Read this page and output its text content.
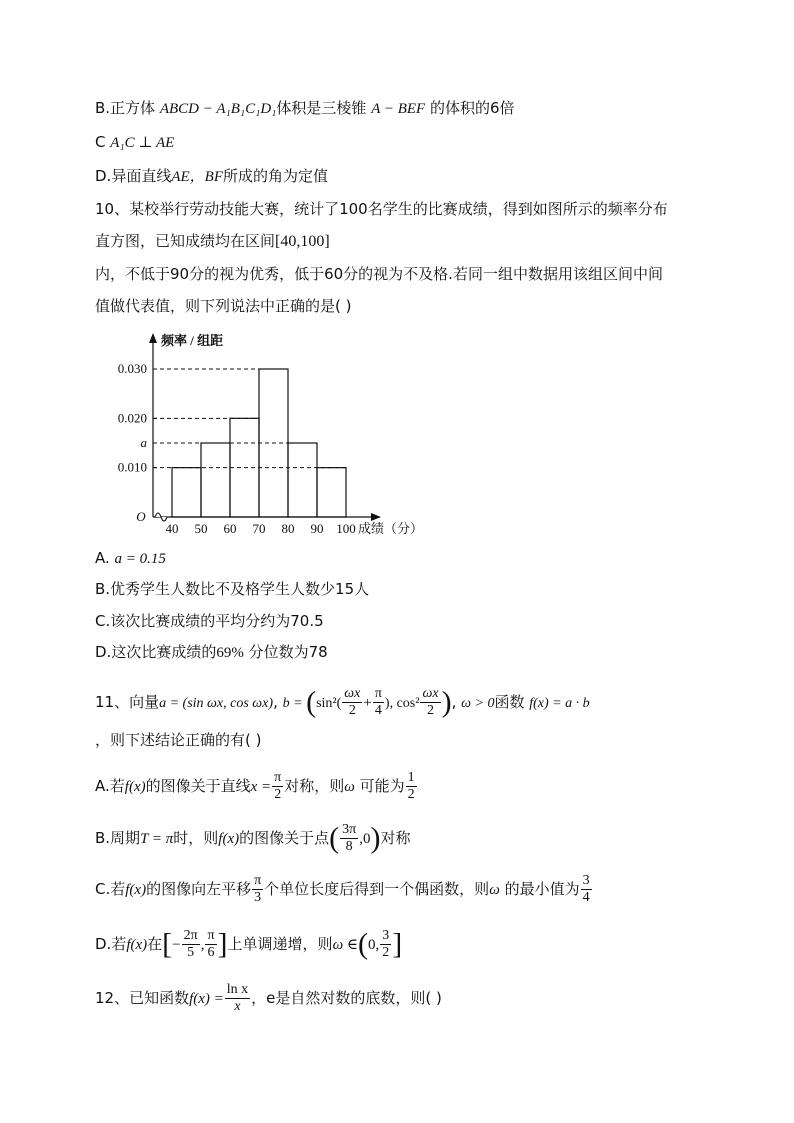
B.正方体 ABCD − A₁B₁C₁D₁体积是三棱锥 A − BEF 的体积的6倍
C A₁C ⊥ AE
D.异面直线AE，BF所成的角为定值
10、某校举行劳动技能大赛，统计了100名学生的比赛成绩，得到如图所示的频率分布
直方图，已知成绩均在区间[40,100]
内，不低于90分的视为优秀，低于60分的视为不及格.若同一组中数据用该组区间中间
值做代表值，则下列说法中正确的是( )
0.030
0.020
a
0.010
40 50 60 70 80 90 100
O
频率 / 组距
成绩（分）
A. a = 0.15
B.优秀学生人数比不及格学生人数少15人
C.该次比赛成绩的平均分约为70.5
D.这次比赛成绩的69% 分位数为78
11、向量a = (sin ωx, cos ωx), $b = (\sin^2( \frac{\omega x}{2} + \frac{\pi}{4}$ ), $\cos^2 \frac{\omega x}{2}$ ), ω > 0函数 f(x) = a · b
，则下述结论正确的有( )
A.若f(x)的图像关于直线$x = \frac{\pi}{2}$ 对称，则ω 可能为 $\frac{1}{2}$
B.周期T = π时，则f(x)的图像关于点( $\frac{3\pi}{8} ,0$)对称
C.若f(x)的图像向左平移 $\frac{\pi}{3}$ 个单位长度后得到一个偶函数，则ω 的最小值为 $\frac{3}{4}$
D.若f(x)在[− $\frac{2\pi}{5}$ , $\frac{\pi}{6}$ ]上单调递增，则ω ∈(0, $\frac{3}{2}$ ]
12、已知函数$f(x) = \frac{\text{ln x}}{x}$ ，e是自然对数的底数，则( )
